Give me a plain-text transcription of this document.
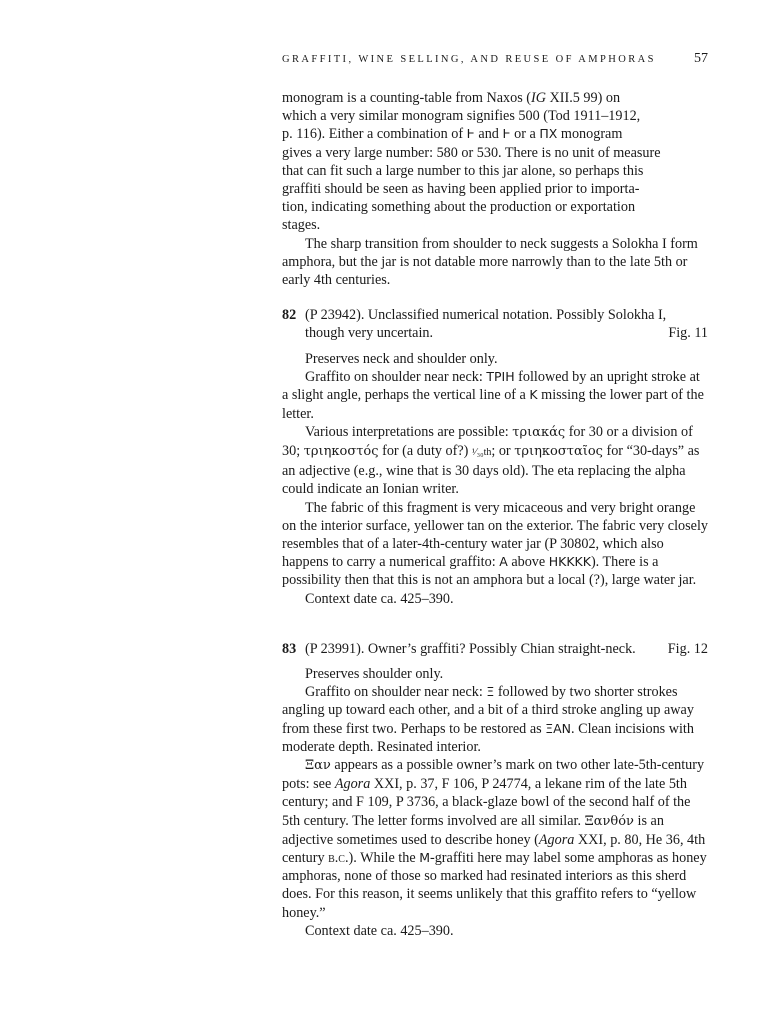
GRAFFITI, WINE SELLING, AND REUSE OF AMPHORAS	57

monogram is a counting-table from Naxos (IG XII.5 99) on

which a very similar monogram signifies 500 (Tod 1911–1912,

p. 116). Either a combination of Ͱ and Ͱ or a ΠΧ monogram

gives a very large number: 580 or 530. There is no unit of measure

that can fit such a large number to this jar alone, so perhaps this

graffiti should be seen as having been applied prior to importa-

tion, indicating something about the production or exportation

stages.

The sharp transition from shoulder to neck suggests a Solokha I form amphora, but the jar is not datable more narrowly than to the late 5th or early 4th centuries.

82 (P 23942). Unclassified numerical notation. Possibly Solokha I,
though very uncertain.	Fig. 11

Preserves neck and shoulder only.

Graffito on shoulder near neck: ΤΡΙΗ followed by an upright stroke at a slight angle, perhaps the vertical line of a Κ missing the lower part of the letter.

Various interpretations are possible: τριακάς for 30 or a division of 30; τριηκοστός for (a duty of?) ¹⁄₃₀th; or τριηκοσταῖος for “30-days” as an adjective (e.g., wine that is 30 days old). The eta replacing the alpha could indicate an Ionian writer.

The fabric of this fragment is very micaceous and very bright orange on the interior surface, yellower tan on the exterior. The fabric very closely resembles that of a later-4th-century water jar (P 30802, which also happens to carry a numerical graffito: Α above ΗΚΚΚΚ). There is a possibility then that this is not an amphora but a local (?), large water jar.

Context date ca. 425–390.

83 (P 23991). Owner’s graffiti? Possibly Chian straight-neck. Fig. 12

Preserves shoulder only.

Graffito on shoulder near neck: Ξ followed by two shorter strokes angling up toward each other, and a bit of a third stroke angling up away from these first two. Perhaps to be restored as ΞΑΝ. Clean incisions with moderate depth. Resinated interior.

Ξαν appears as a possible owner’s mark on two other late-5th-century pots: see Agora XXI, p. 37, F 106, P 24774, a lekane rim of the late 5th century; and F 109, P 3736, a black-glaze bowl of the second half of the 5th century. The letter forms involved are all similar. Ξανθόν is an adjective sometimes used to describe honey (Agora XXI, p. 80, He 36, 4th century b.c.). While the Μ-graffiti here may label some amphoras as honey amphoras, none of those so marked had resinated interiors as this sherd does. For this reason, it seems unlikely that this graffito refers to “yellow honey.”

Context date ca. 425–390.
